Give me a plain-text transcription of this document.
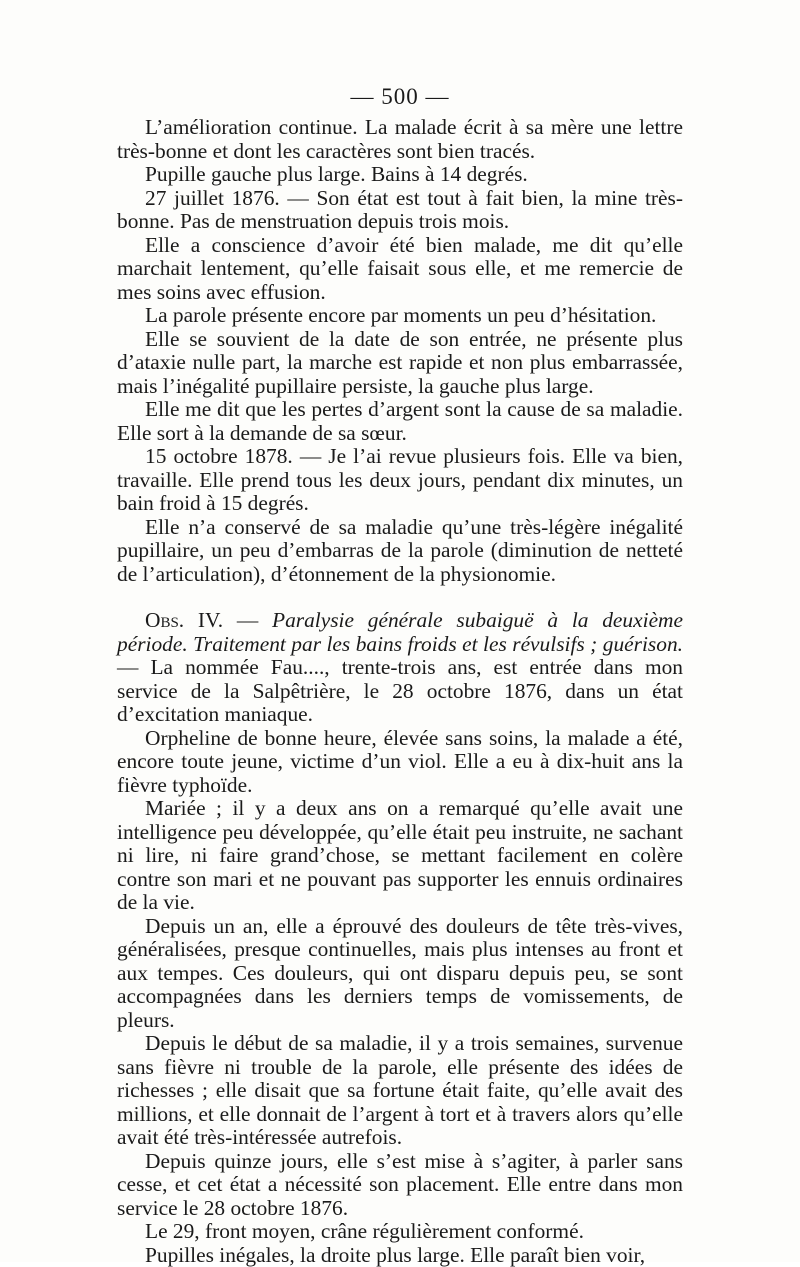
— 500 —

L’amélioration continue. La malade écrit à sa mère une lettre très-bonne et dont les caractères sont bien tracés.

Pupille gauche plus large. Bains à 14 degrés.

27 juillet 1876. — Son état est tout à fait bien, la mine très-bonne. Pas de menstruation depuis trois mois.

Elle a conscience d’avoir été bien malade, me dit qu’elle marchait lentement, qu’elle faisait sous elle, et me remercie de mes soins avec effusion.

La parole présente encore par moments un peu d’hésitation.

Elle se souvient de la date de son entrée, ne présente plus d’ataxie nulle part, la marche est rapide et non plus embarrassée, mais l’inégalité pupillaire persiste, la gauche plus large.

Elle me dit que les pertes d’argent sont la cause de sa maladie. Elle sort à la demande de sa sœur.

15 octobre 1878. — Je l’ai revue plusieurs fois. Elle va bien, travaille. Elle prend tous les deux jours, pendant dix minutes, un bain froid à 15 degrés.

Elle n’a conservé de sa maladie qu’une très-légère inégalité pupillaire, un peu d’embarras de la parole (diminution de netteté de l’articulation), d’étonnement de la physionomie.

Obs. IV. — Paralysie générale subaiguë à la deuxième période. Traitement par les bains froids et les révulsifs ; guérison. — La nommée Fau...., trente-trois ans, est entrée dans mon service de la Salpêtrière, le 28 octobre 1876, dans un état d’excitation maniaque.

Orpheline de bonne heure, élevée sans soins, la malade a été, encore toute jeune, victime d’un viol. Elle a eu à dix-huit ans la fièvre typhoïde.

Mariée ; il y a deux ans on a remarqué qu’elle avait une intelligence peu développée, qu’elle était peu instruite, ne sachant ni lire, ni faire grand’chose, se mettant facilement en colère contre son mari et ne pouvant pas supporter les ennuis ordinaires de la vie.

Depuis un an, elle a éprouvé des douleurs de tête très-vives, généralisées, presque continuelles, mais plus intenses au front et aux tempes. Ces douleurs, qui ont disparu depuis peu, se sont accompagnées dans les derniers temps de vomissements, de pleurs.

Depuis le début de sa maladie, il y a trois semaines, survenue sans fièvre ni trouble de la parole, elle présente des idées de richesses ; elle disait que sa fortune était faite, qu’elle avait des millions, et elle donnait de l’argent à tort et à travers alors qu’elle avait été très-intéressée autrefois.

Depuis quinze jours, elle s’est mise à s’agiter, à parler sans cesse, et cet état a nécessité son placement. Elle entre dans mon service le 28 octobre 1876.

Le 29, front moyen, crâne régulièrement conformé.

Pupilles inégales, la droite plus large. Elle paraît bien voir,
